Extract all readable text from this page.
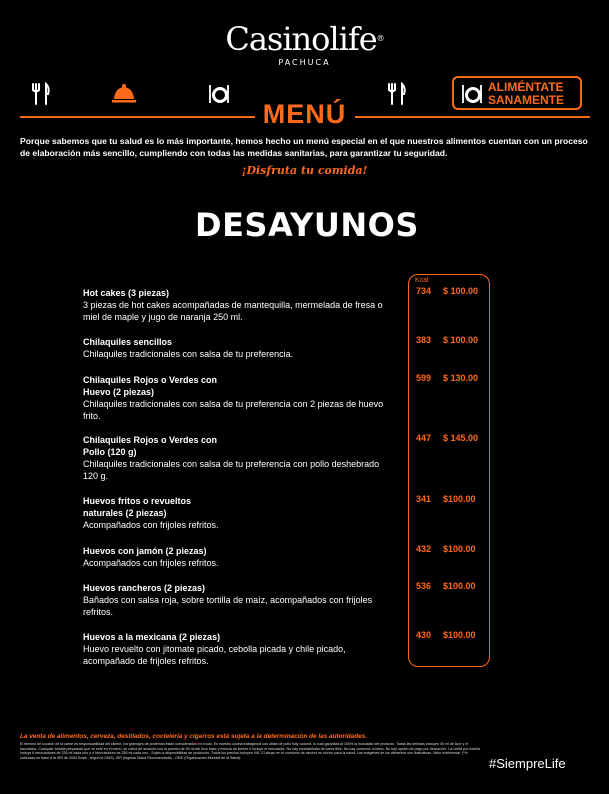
Casinolife®
PACHUCA
ALIMÉNTATE
SANAMENTE
MENÚ
Porque sabemos que tu salud es lo más importante, hemos hecho un menú especial en el que nuestros alimentos cuentan con un proceso de elaboración más sencillo, cumpliendo con todas las medidas sanitarias, para garantizar tu seguridad.
¡Disfruta tu comida!
DESAYUNOS
Kcal
Hot cakes (3 piezas)
3 piezas de hot cakes acompañadas de mantequilla, mermelada de fresa o miel de maple y jugo de naranja 250 ml.
734 $ 100.00
Chilaquiles sencillos
Chilaquiles tradicionales con salsa de tu preferencia.
383 $ 100.00
Chilaquiles Rojos o Verdes con Huevo (2 piezas)
Chilaquiles tradicionales con salsa de tu preferencia con 2 piezas de huevo frito.
599 $ 130.00
Chilaquiles Rojos o Verdes con Pollo (120 g)
Chilaquiles tradicionales con salsa de tu preferencia con pollo deshebrado 120 g.
447 $ 145.00
Huevos fritos o revueltos naturales (2 piezas)
Acompañados con frijoles refritos.
341 $100.00
Huevos con jamón (2 piezas)
Acompañados con frijoles refritos.
432 $100.00
Huevos rancheros (2 piezas)
Bañados con salsa roja, sobre tortilla de maíz, acompañados con frijoles refritos.
536 $100.00
Huevos a la mexicana (2 piezas)
Huevo revuelto con jitomate picado, cebolla picada y chile picado, acompañado de frijoles refritos.
430 $100.00
La venta de alimentos, cerveza, destilados, coctelería y cigarros está sujeta a la determinación de las autoridades.
El término de cocción de la carne es responsabilidad del cliente, los gramajes de proteínas están considerados en crudo. En nuestro cocina trabajamos con alitas de pollo fully cooked, lo cual garantiza al 100% la inocuidad del producto. Todas las bebidas incluyen 45 ml de licor y el mezclador. Cualquier bebida preparada que no esté en el menú, se cobra de acuerdo con la porción de 45 ml del licor base y mezcla de licores e incluye el mezclador. No hay reciclabilidad de barra libre. No hay consumo mínimo. No hay opción de pago por descorche. La venta por botella incluye 6 mezcladores de 235 ml cada uno o 4 Mezcladores de 355 ml cada uno - Sujeto a disponibilidad de productos. Todos los precios incluyen IVA. El abuso en el consumo de alcohol es nocivo para la salud. Las imágenes de los alimentos son ilustrativas. Valor nutrimental: (*% calculado en base a la IDR de 2000 Kcals., según la OMS). IDR (Ingesta Diaria Recomendada) - OMS (Organización Mundial de la Salud).	#SiempreLife
